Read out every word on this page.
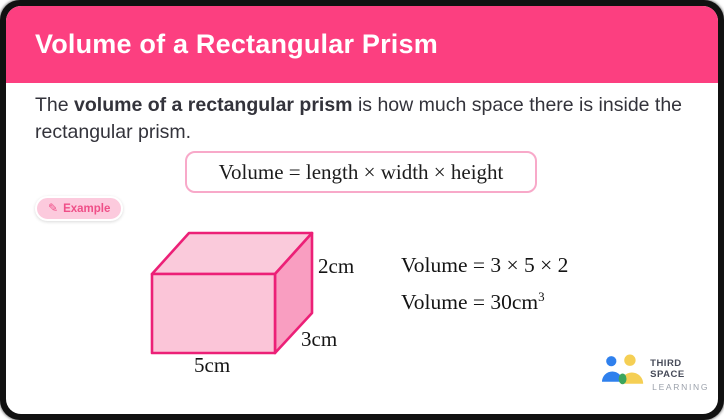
Volume of a Rectangular Prism

The volume of a rectangular prism is how much space there is inside the rectangular prism.

Volume = length × width × height
✎ Example
2cm
3cm
5cm
Volume = 3 × 5 × 2
Volume = $30cm^3$
THIRD SPACE
LEARNING
